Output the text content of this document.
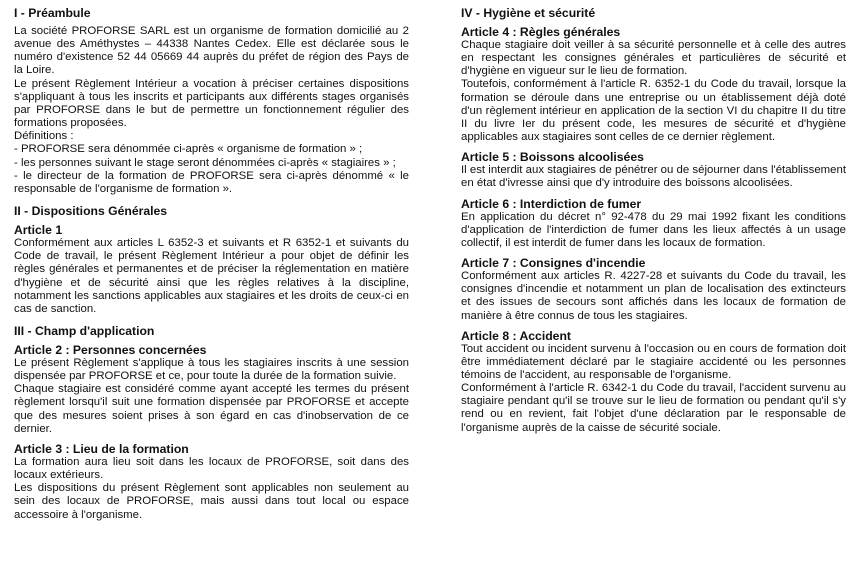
I - Préambule

La société PROFORSE SARL est un organisme de formation domicilié au 2 avenue des Améthystes – 44338 Nantes Cedex. Elle est déclarée sous le numéro d'existence 52 44 05669 44 auprès du préfet de région des Pays de la Loire.

Le présent Règlement Intérieur a vocation à préciser certaines dispositions s'appliquant à tous les inscrits et participants aux différents stages organisés par PROFORSE dans le but de permettre un fonctionnement régulier des formations proposées.

Définitions :

- PROFORSE sera dénommée ci-après « organisme de formation » ;

- les personnes suivant le stage seront dénommées ci-après « stagiaires » ;

- le directeur de la formation de PROFORSE sera ci-après dénommé « le responsable de l'organisme de formation ».

II - Dispositions Générales
Article 1

Conformément aux articles L 6352-3 et suivants et R 6352-1 et suivants du Code de travail, le présent Règlement Intérieur a pour objet de définir les règles générales et permanentes et de préciser la réglementation en matière d'hygiène et de sécurité ainsi que les règles relatives à la discipline, notamment les sanctions applicables aux stagiaires et les droits de ceux-ci en cas de sanction.

III - Champ d'application
Article 2 : Personnes concernées

Le présent Règlement s'applique à tous les stagiaires inscrits à une session dispensée par PROFORSE et ce, pour toute la durée de la formation suivie.

Chaque stagiaire est considéré comme ayant accepté les termes du présent règlement lorsqu'il suit une formation dispensée par PROFORSE et accepte que des mesures soient prises à son égard en cas d'inobservation de ce dernier.

Article 3 : Lieu de la formation

La formation aura lieu soit dans les locaux de PROFORSE, soit dans des locaux extérieurs.

Les dispositions du présent Règlement sont applicables non seulement au sein des locaux de PROFORSE, mais aussi dans tout local ou espace accessoire à l'organisme.

IV - Hygiène et sécurité
Article 4 : Règles générales

Chaque stagiaire doit veiller à sa sécurité personnelle et à celle des autres en respectant les consignes générales et particulières de sécurité et d'hygiène en vigueur sur le lieu de formation.

Toutefois, conformément à l'article R. 6352-1 du Code du travail, lorsque la formation se déroule dans une entreprise ou un établissement déjà doté d'un règlement intérieur en application de la section VI du chapitre II du titre II du livre Ier du présent code, les mesures de sécurité et d'hygiène applicables aux stagiaires sont celles de ce dernier règlement.

Article 5 : Boissons alcoolisées

Il est interdit aux stagiaires de pénétrer ou de séjourner dans l'établissement en état d'ivresse ainsi que d'y introduire des boissons alcoolisées.

Article 6 : Interdiction de fumer

En application du décret n° 92-478 du 29 mai 1992 fixant les conditions d'application de l'interdiction de fumer dans les lieux affectés à un usage collectif, il est interdit de fumer dans les locaux de formation.

Article 7 : Consignes d'incendie

Conformément aux articles R. 4227-28 et suivants du Code du travail, les consignes d'incendie et notamment un plan de localisation des extincteurs et des issues de secours sont affichés dans les locaux de formation de manière à être connus de tous les stagiaires.

Article 8 : Accident

Tout accident ou incident survenu à l'occasion ou en cours de formation doit être immédiatement déclaré par le stagiaire accidenté ou les personnes témoins de l'accident, au responsable de l'organisme.

Conformément à l'article R. 6342-1 du Code du travail, l'accident survenu au stagiaire pendant qu'il se trouve sur le lieu de formation ou pendant qu'il s'y rend ou en revient, fait l'objet d'une déclaration par le responsable de l'organisme auprès de la caisse de sécurité sociale.
